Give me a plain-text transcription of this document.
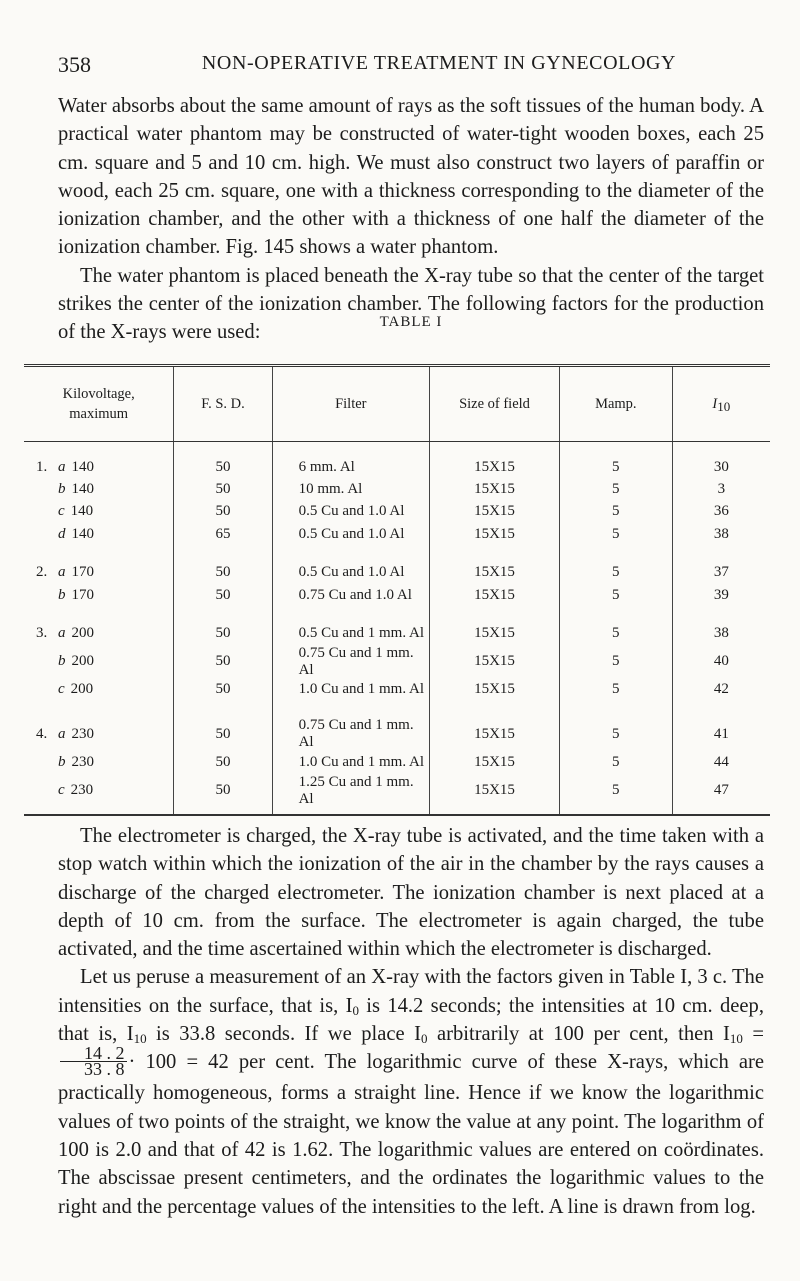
358	NON-OPERATIVE TREATMENT IN GYNECOLOGY

Water absorbs about the same amount of rays as the soft tissues of the human body. A practical water phantom may be constructed of water-tight wooden boxes, each 25 cm. square and 5 and 10 cm. high. We must also construct two layers of paraffin or wood, each 25 cm. square, one with a thickness corresponding to the diameter of the ionization chamber, and the other with a thickness of one half the diameter of the ionization chamber. Fig. 145 shows a water phantom.

The water phantom is placed beneath the X-ray tube so that the center of the target strikes the center of the ionization chamber. The following factors for the production of the X-rays were used:	TABLE I
Kilovoltage,
maximum	F. S. D.	Filter	Size of field	Mamp.	$I_{10}$
1. a 140	50	6 mm. Al	15X15	5	30
b 140	50	10 mm. Al	15X15	5	3
c 140	50	0.5 Cu and 1.0 Al	15X15	5	36
d 140	65	0.5 Cu and 1.0 Al	15X15	5	38
2. a 170	50	0.5 Cu and 1.0 Al	15X15	5	37
b 170	50	0.75 Cu and 1.0 Al	15X15	5	39
3. a 200	50	0.5 Cu and 1 mm. Al	15X15	5	38
b 200	50	0.75 Cu and 1 mm. Al	15X15	5	40
c 200	50	1.0 Cu and 1 mm. Al	15X15	5	42
4. a 230	50	0.75 Cu and 1 mm. Al	15X15	5	41
b 230	50	1.0 Cu and 1 mm. Al	15X15	5	44
c 230	50	1.25 Cu and 1 mm. Al	15X15	5	47

The electrometer is charged, the X-ray tube is activated, and the time taken with a stop watch within which the ionization of the air in the chamber by the rays causes a discharge of the charged electrometer. The ionization chamber is next placed at a depth of 10 cm. from the surface. The electrometer is again charged, the tube activated, and the time ascertained within which the electrometer is discharged.

Let us peruse a measurement of an X-ray with the factors given in Table I, 3 c. The intensities on the surface, that is, $I_0$ is 14.2 seconds; the intensities at 10 cm. deep, that is, $I_{10}$ is 33.8 seconds. If we place $I_0$ arbitrarily at 100 per cent, then $I_{10}$ =
$\frac{14 . 2}{33 . 8} \cdot 100 = 42$ per cent. The logarithmic curve of these X-rays, which are practically homogeneous, forms a straight line. Hence if we know the logarithmic values of two points of the straight, we know the value at any point. The logarithm of 100 is 2.0 and that of 42 is 1.62. The logarithmic values are entered on coördinates. The abscissae present centimeters, and the ordinates the logarithmic values to the right and the percentage values of the intensities to the left. A line is drawn from log.
